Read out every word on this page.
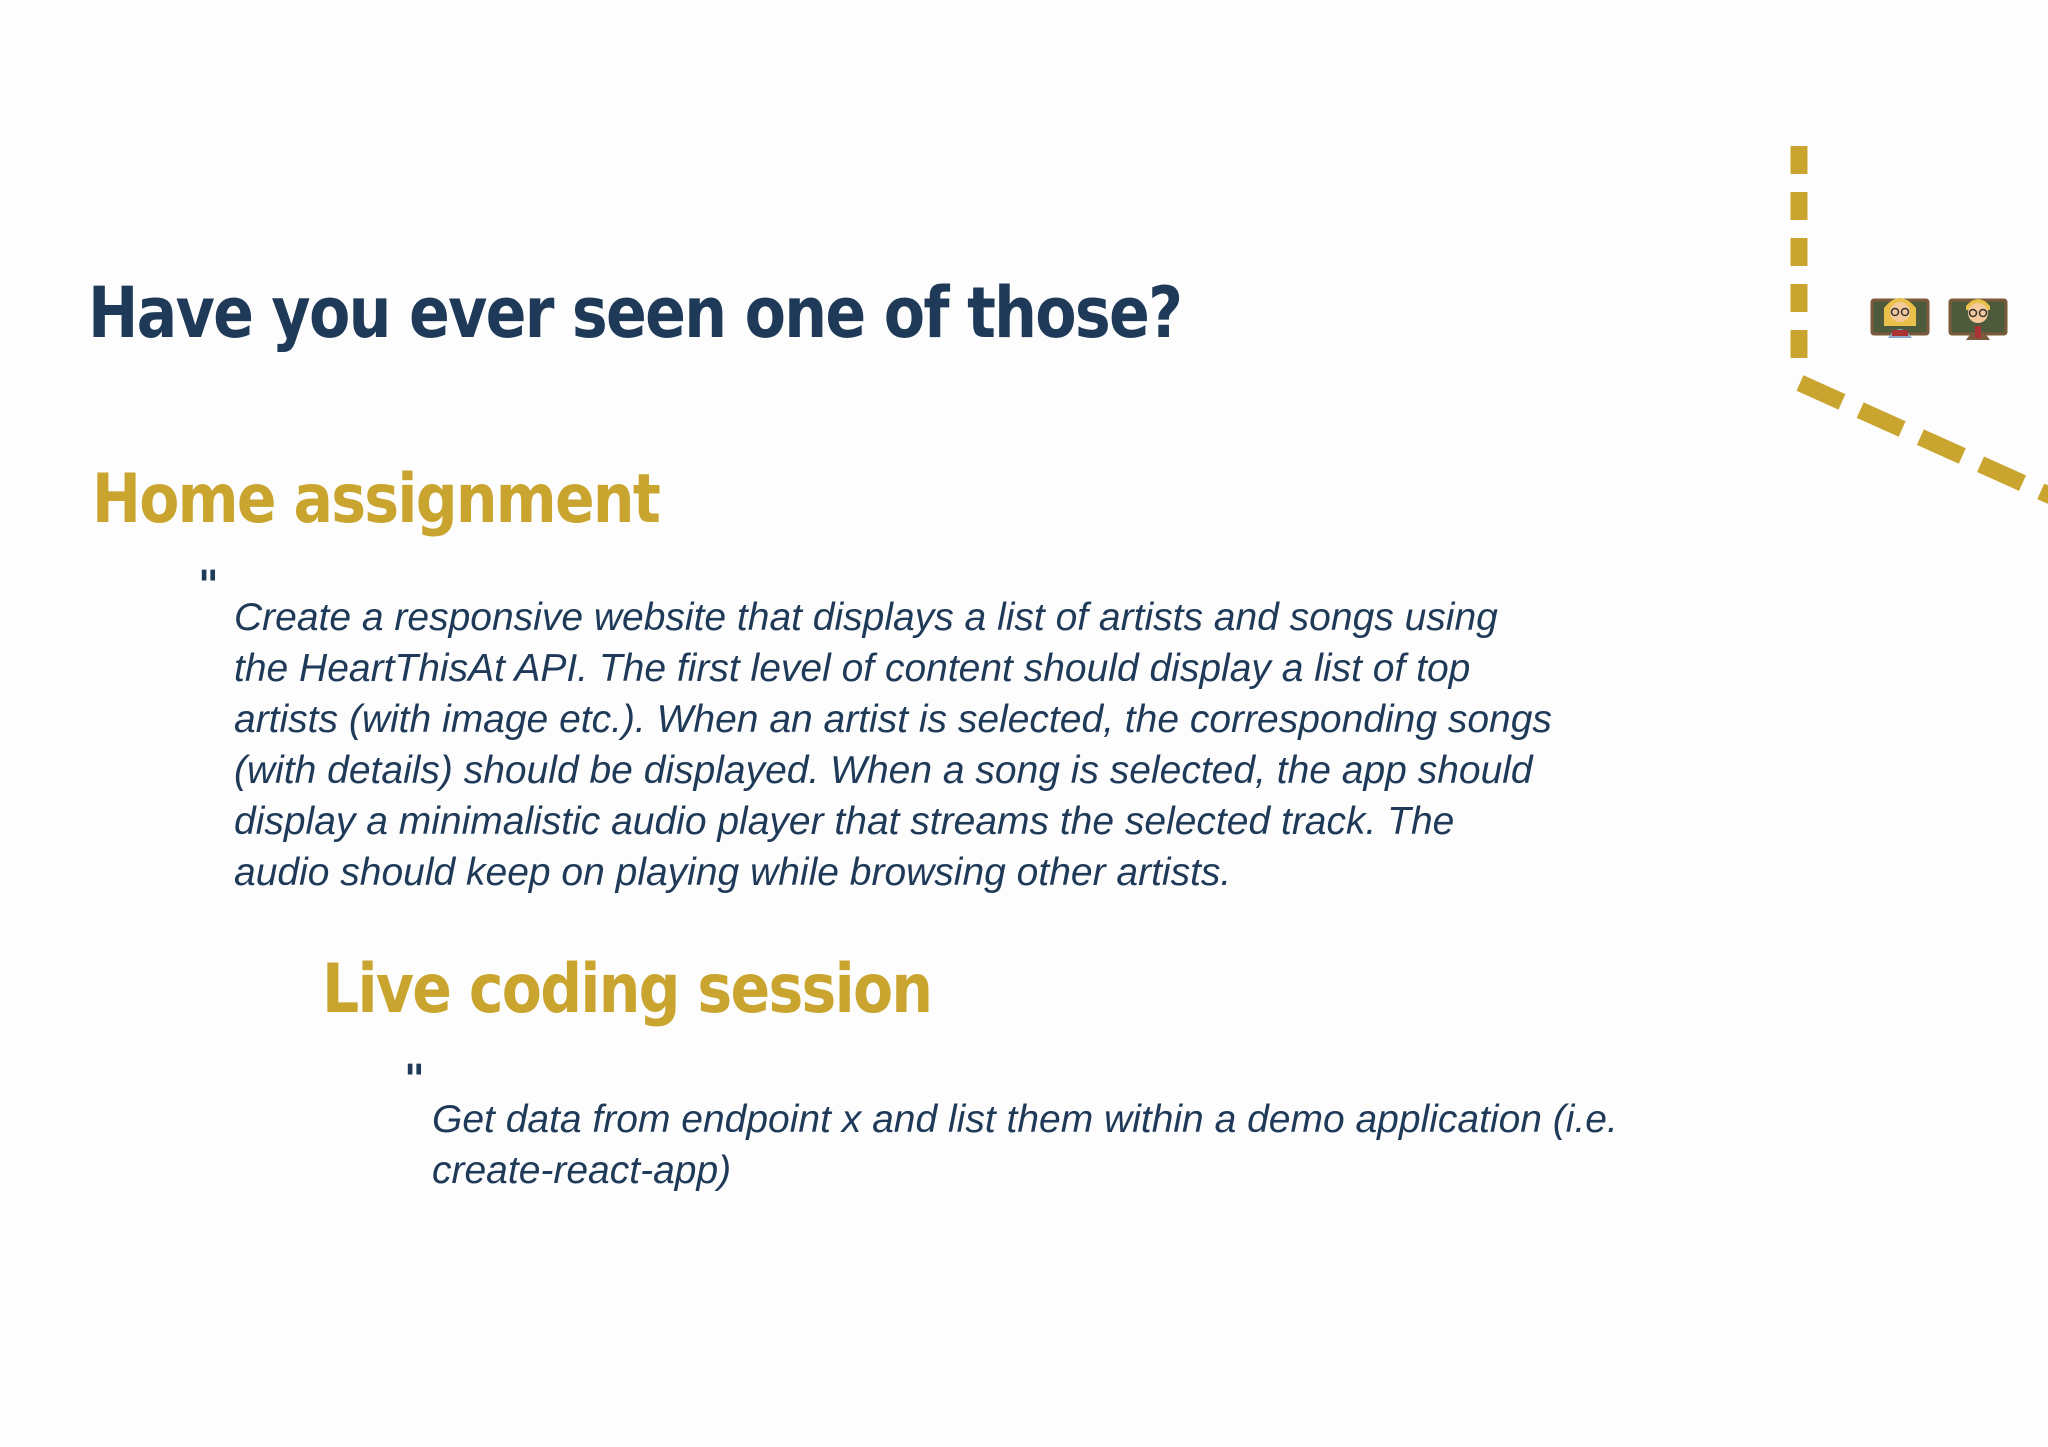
Have you ever seen one of those?
Home assignment
"

Create a responsive website that displays a list of artists and songs using
the HeartThisAt API. The first level of content should display a list of top
artists (with image etc.). When an artist is selected, the corresponding songs
(with details) should be displayed. When a song is selected, the app should
display a minimalistic audio player that streams the selected track. The
audio should keep on playing while browsing other artists.

Live coding session
"

Get data from endpoint x and list them within a demo application (i.e.
create-react-app)
